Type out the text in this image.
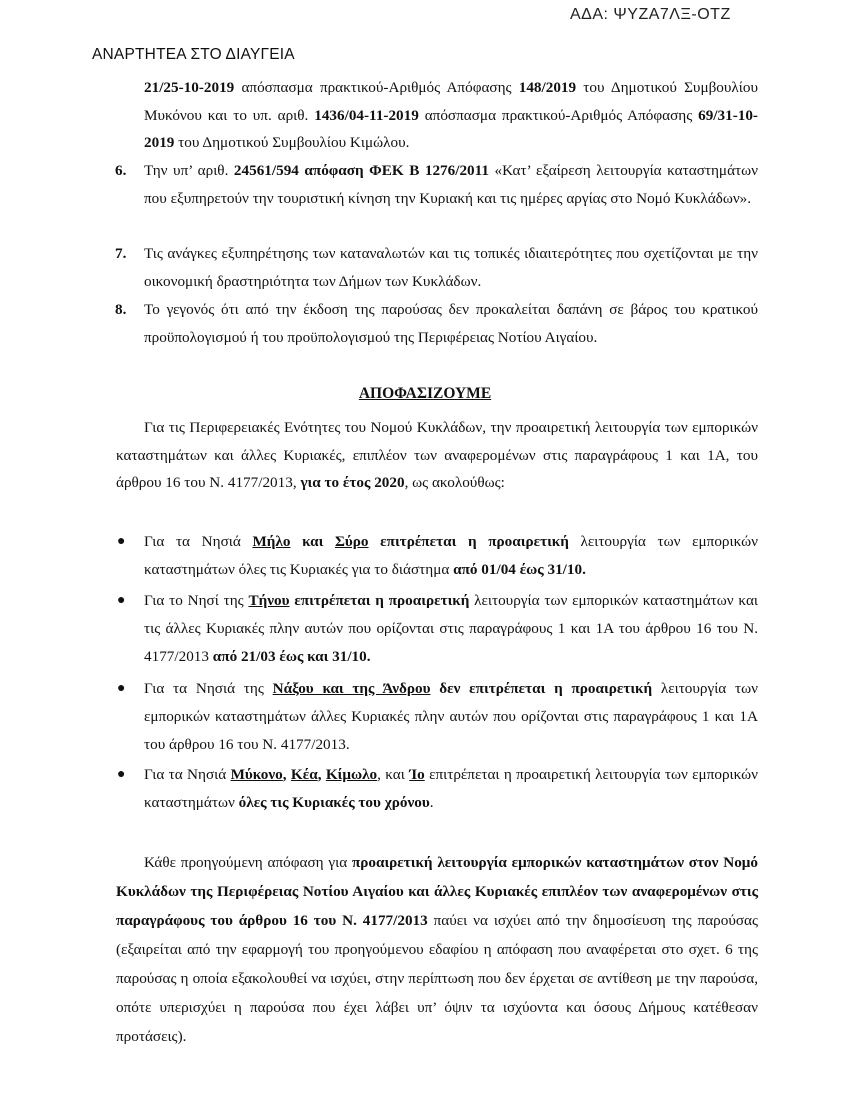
ΑΔΑ: ΨΥΖΑ7ΛΞ-ΟΤΖ
ΑΝΑΡΤΗΤΕΑ ΣΤΟ ΔΙΑΥΓΕΙΑ
21/25-10-2019 απόσπασμα πρακτικού-Αριθμός Απόφασης 148/2019 του Δημοτικού Συμβουλίου Μυκόνου και το υπ. αριθ. 1436/04-11-2019 απόσπασμα πρακτικού-Αριθμός Απόφασης 69/31-10-2019 του Δημοτικού Συμβουλίου Κιμώλου.
6. Την υπ’ αριθ. 24561/594 απόφαση ΦΕΚ Β 1276/2011 «Κατ’ εξαίρεση λειτουργία καταστημάτων που εξυπηρετούν την τουριστική κίνηση την Κυριακή και τις ημέρες αργίας στο Νομό Κυκλάδων».
7. Τις ανάγκες εξυπηρέτησης των καταναλωτών και τις τοπικές ιδιαιτερότητες που σχετίζονται με την οικονομική δραστηριότητα των Δήμων των Κυκλάδων.
8. Το γεγονός ότι από την έκδοση της παρούσας δεν προκαλείται δαπάνη σε βάρος του κρατικού προϋπολογισμού ή του προϋπολογισμού της Περιφέρειας Νοτίου Αιγαίου.
ΑΠΟΦΑΣΙΖΟΥΜΕ
Για τις Περιφερειακές Ενότητες του Νομού Κυκλάδων, την προαιρετική λειτουργία των εμπορικών καταστημάτων και άλλες Κυριακές, επιπλέον των αναφερομένων στις παραγράφους 1 και 1Α, του άρθρου 16 του Ν. 4177/2013, για το έτος 2020, ως ακολούθως:
● Για τα Νησιά Μήλο και Σύρο επιτρέπεται η προαιρετική λειτουργία των εμπορικών καταστημάτων όλες τις Κυριακές για το διάστημα από 01/04 έως 31/10.
● Για το Νησί της Τήνου επιτρέπεται η προαιρετική λειτουργία των εμπορικών καταστημάτων και τις άλλες Κυριακές πλην αυτών που ορίζονται στις παραγράφους 1 και 1Α του άρθρου 16 του Ν. 4177/2013 από 21/03 έως και 31/10.
● Για τα Νησιά της Νάξου και της Άνδρου δεν επιτρέπεται η προαιρετική λειτουργία των εμπορικών καταστημάτων άλλες Κυριακές πλην αυτών που ορίζονται στις παραγράφους 1 και 1Α του άρθρου 16 του Ν. 4177/2013.
● Για τα Νησιά Μύκονο, Κέα, Κίμωλο, και Ίο επιτρέπεται η προαιρετική λειτουργία των εμπορικών καταστημάτων όλες τις Κυριακές του χρόνου.
Κάθε προηγούμενη απόφαση για προαιρετική λειτουργία εμπορικών καταστημάτων στον Νομό Κυκλάδων της Περιφέρειας Νοτίου Αιγαίου και άλλες Κυριακές επιπλέον των αναφερομένων στις παραγράφους του άρθρου 16 του Ν. 4177/2013 παύει να ισχύει από την δημοσίευση της παρούσας (εξαιρείται από την εφαρμογή του προηγούμενου εδαφίου η απόφαση που αναφέρεται στο σχετ. 6 της παρούσας η οποία εξακολουθεί να ισχύει, στην περίπτωση που δεν έρχεται σε αντίθεση με την παρούσα, οπότε υπερισχύει η παρούσα που έχει λάβει υπ’ όψιν τα ισχύοντα και όσους Δήμους κατέθεσαν προτάσεις).
